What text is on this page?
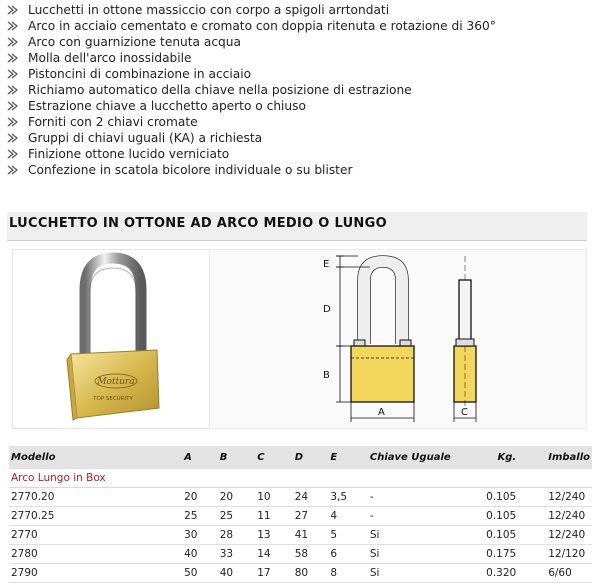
Lucchetti in ottone massiccio con corpo a spigoli arrtondati
Arco in acciaio cementato e cromato con doppia ritenuta e rotazione di 360°
Arco con guarnizione tenuta acqua
Molla dell'arco inossidabile
Pistoncini di combinazione in acciaio
Richiamo automatico della chiave nella posizione di estrazione
Estrazione chiave a lucchetto aperto o chiuso
Forniti con 2 chiavi cromate
Gruppi di chiavi uguali (KA) a richiesta
Finizione ottone lucido verniciato
Confezione in scatola bicolore individuale o su blister
LUCCHETTO IN OTTONE AD ARCO MEDIO O LUNGO
Mottura
TOP SECURITY
E
D
B
A	C
Modello	A	B	C	D	E	Chiave Uguale	Kg.	Imballo
Arco Lungo in Box								
2770.20	20	20	10	24	3,5	-	0.105	12/240
2770.25	25	25	11	27	4	-	0.105	12/240
2770	30	28	13	41	5	Si	0.105	12/240
2780	40	33	14	58	6	Si	0.175	12/120
2790	50	40	17	80	8	Si	0.320	6/60
